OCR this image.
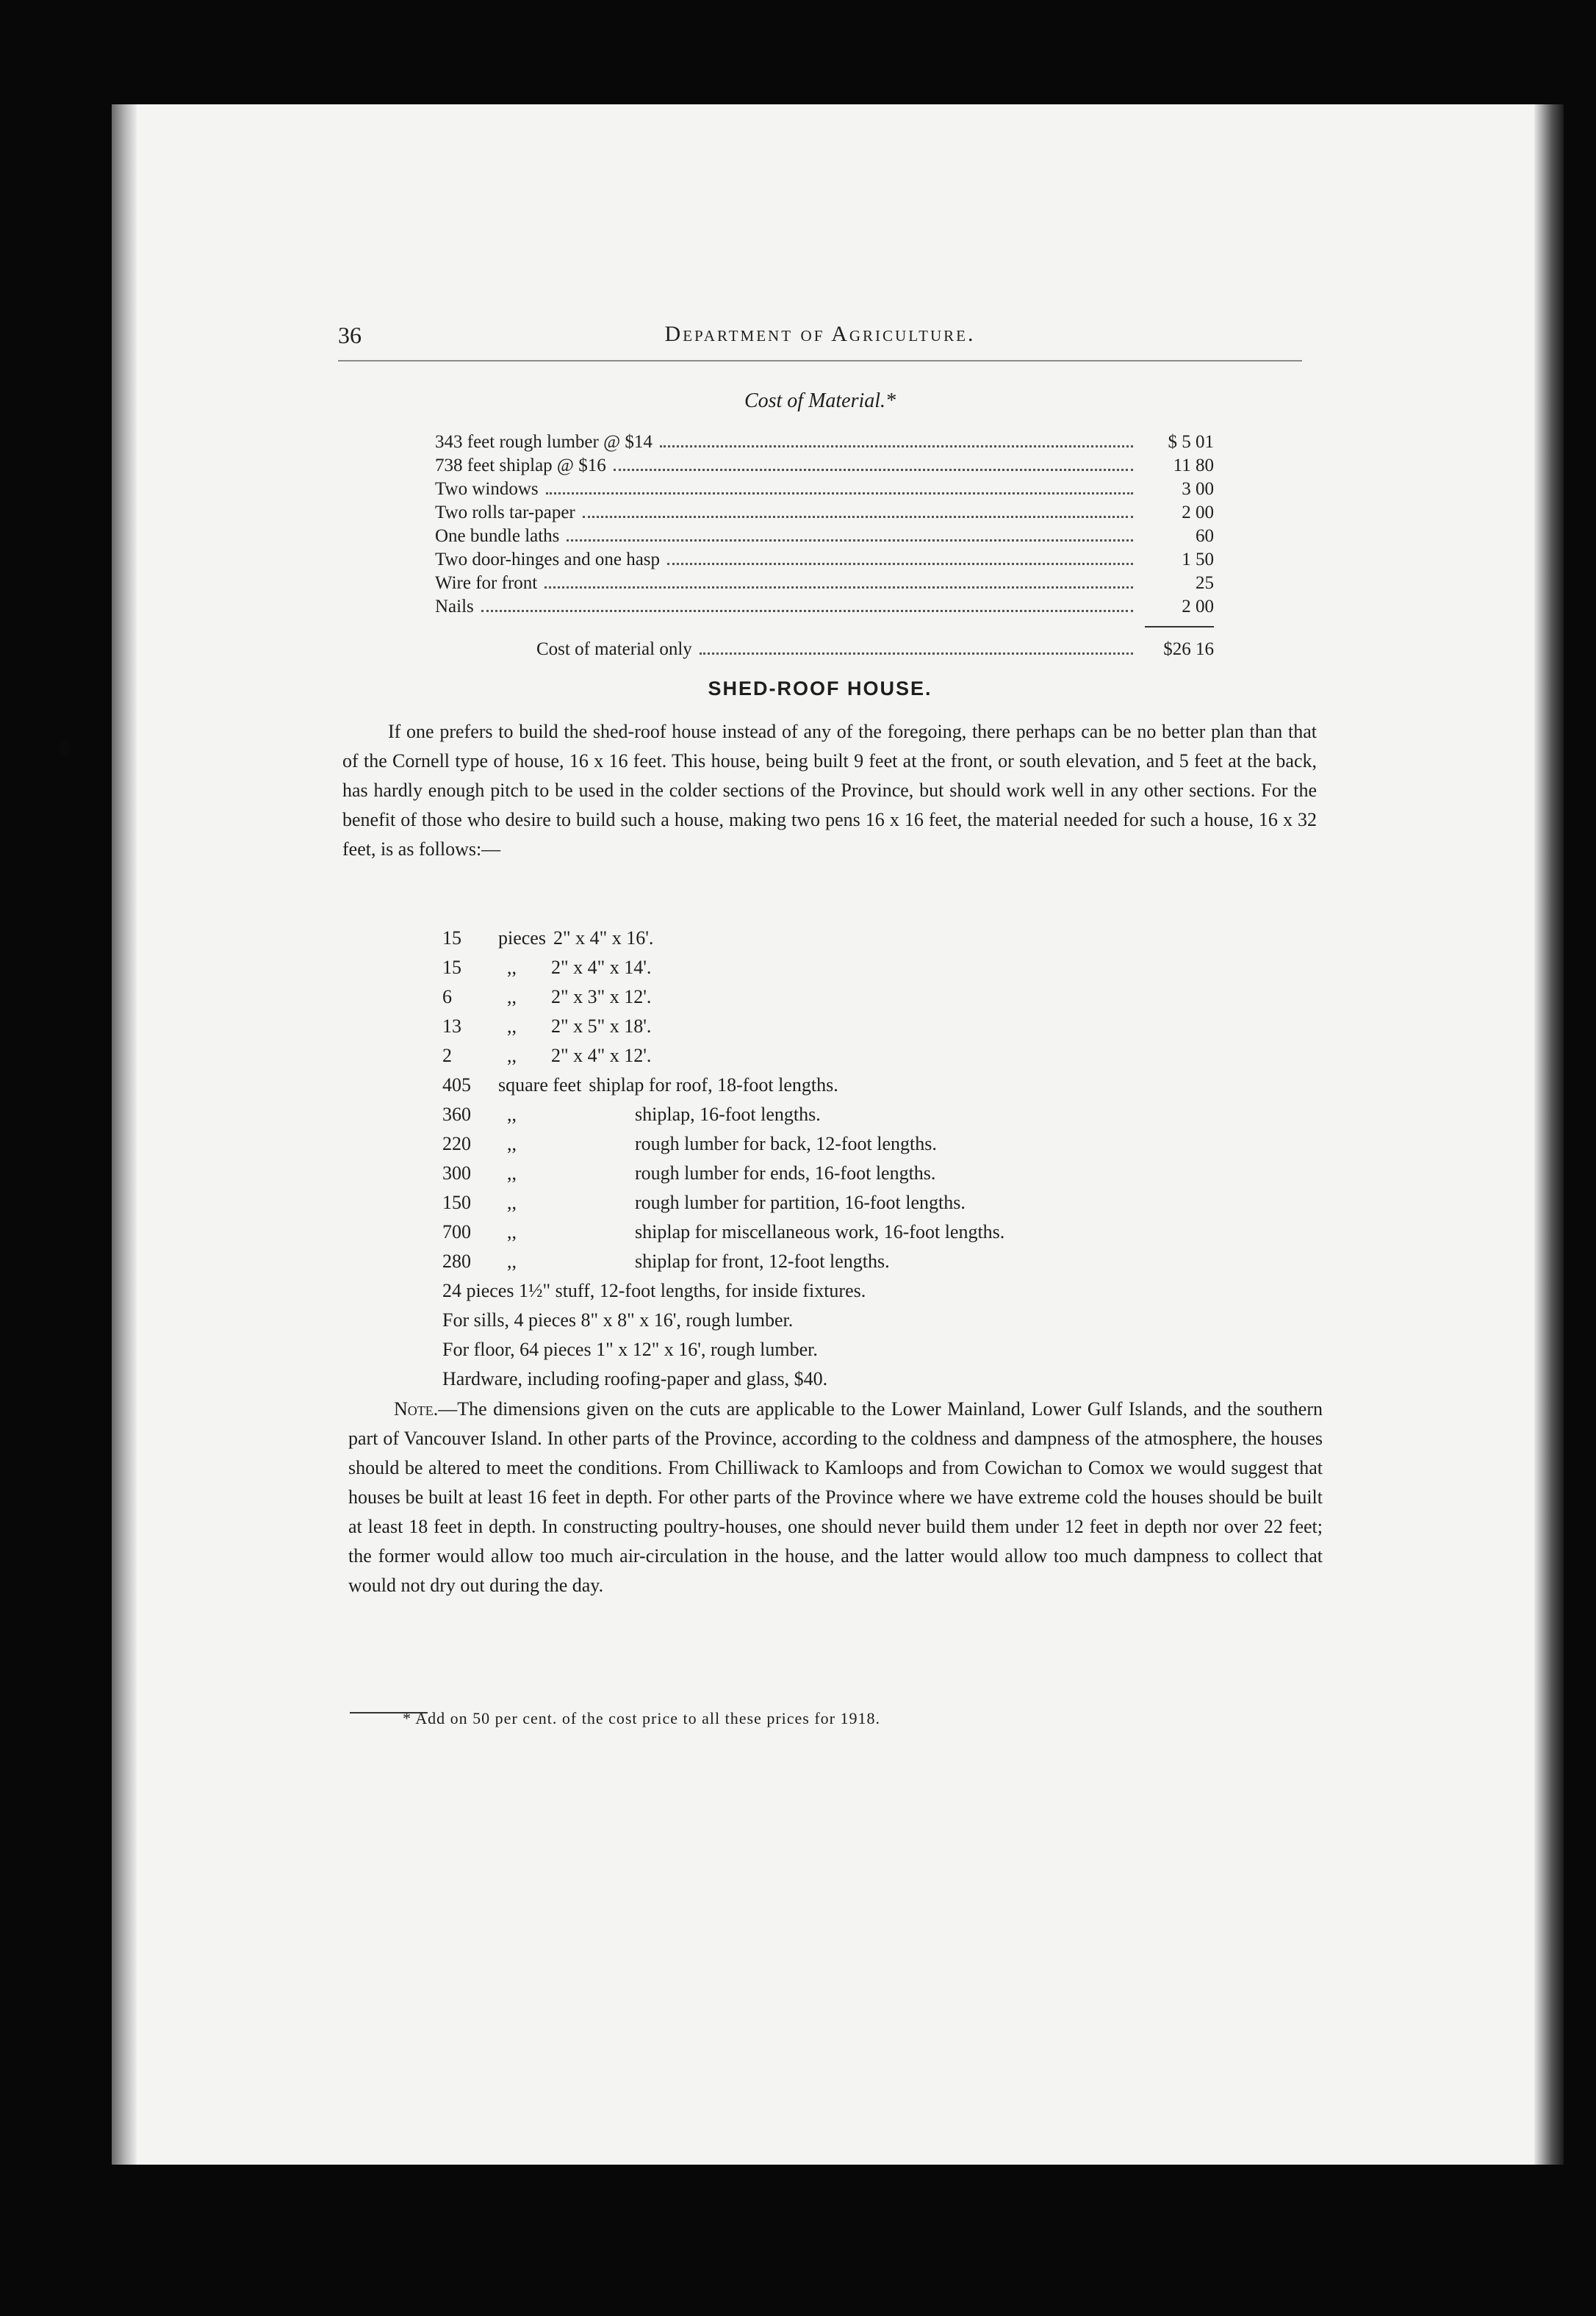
36	Department of Agriculture.
Cost of Material.*
343 feet rough lumber @ $14	$ 5 01
738 feet shiplap @ $16	11 80
Two windows	3 00
Two rolls tar-paper	2 00
One bundle laths	60
Two door-hinges and one hasp	1 50
Wire for front	25
Nails	2 00
Cost of material only	$26 16
SHED-ROOF HOUSE.

If one prefers to build the shed-roof house instead of any of the foregoing, there perhaps can be no better plan than that of the Cornell type of house, 16 x 16 feet. This house, being built 9 feet at the front, or south elevation, and 5 feet at the back, has hardly enough pitch to be used in the colder sections of the Province, but should work well in any other sections. For the benefit of those who desire to build such a house, making two pens 16 x 16 feet, the material needed for such a house, 16 x 32 feet, is as follows:—

15	pieces 2" x 4" x 16'.
15	,,	2" x 4" x 14'.
6	,,	2" x 3" x 12'.
13	,,	2" x 5" x 18'.
2	,,	2" x 4" x 12'.
405	square feet shiplap for roof, 18-foot lengths.
360	,,	shiplap, 16-foot lengths.
220	,,	rough lumber for back, 12-foot lengths.
300	,,	rough lumber for ends, 16-foot lengths.
150	,,	rough lumber for partition, 16-foot lengths.
700	,,	shiplap for miscellaneous work, 16-foot lengths.
280	,,	shiplap for front, 12-foot lengths.
24 pieces 1½" stuff, 12-foot lengths, for inside fixtures.
For sills, 4 pieces 8" x 8" x 16', rough lumber.
For floor, 64 pieces 1" x 12" x 16', rough lumber.
Hardware, including roofing-paper and glass, $40.

Note.—The dimensions given on the cuts are applicable to the Lower Mainland, Lower Gulf Islands, and the southern part of Vancouver Island. In other parts of the Province, according to the coldness and dampness of the atmosphere, the houses should be altered to meet the conditions. From Chilliwack to Kamloops and from Cowichan to Comox we would suggest that houses be built at least 16 feet in depth. For other parts of the Province where we have extreme cold the houses should be built at least 18 feet in depth. In constructing poultry-houses, one should never build them under 12 feet in depth nor over 22 feet; the former would allow too much air-circulation in the house, and the latter would allow too much dampness to collect that would not dry out during the day.

* Add on 50 per cent. of the cost price to all these prices for 1918.
